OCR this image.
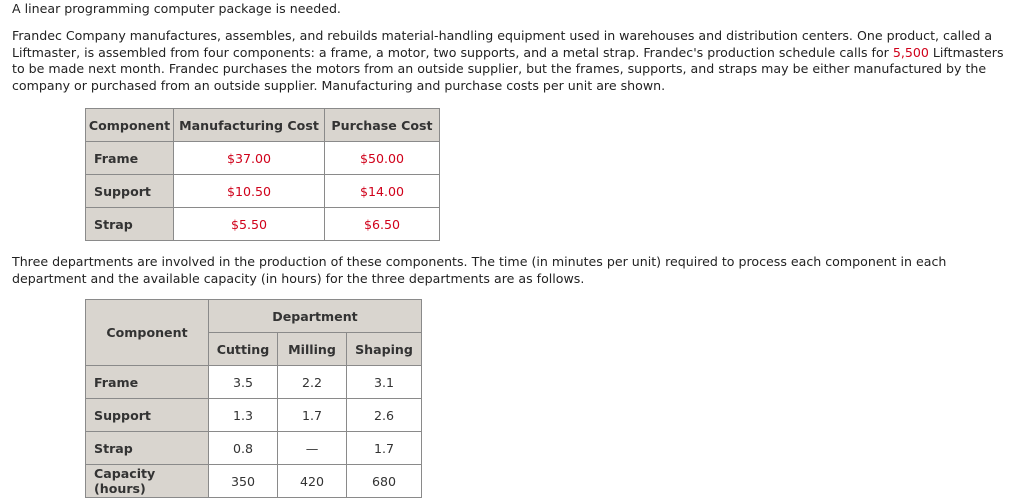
A linear programming computer package is needed.
Frandec Company manufactures, assembles, and rebuilds material-handling equipment used in warehouses and distribution centers. One product, called a Liftmaster, is assembled from four components: a frame, a motor, two supports, and a metal strap. Frandec's production schedule calls for 5,500 Liftmasters to be made next month. Frandec purchases the motors from an outside supplier, but the frames, supports, and straps may be either manufactured by the company or purchased from an outside supplier. Manufacturing and purchase costs per unit are shown.
Component	Manufacturing Cost	Purchase Cost
Frame	$37.00	$50.00
Support	$10.50	$14.00
Strap	$5.50	$6.50
Three departments are involved in the production of these components. The time (in minutes per unit) required to process each component in each department and the available capacity (in hours) for the three departments are as follows.
Component	Department		
	Cutting	Milling	Shaping
Frame	3.5	2.2	3.1
Support	1.3	1.7	2.6
Strap	0.8	—	1.7
Capacity (hours)	350	420	680
